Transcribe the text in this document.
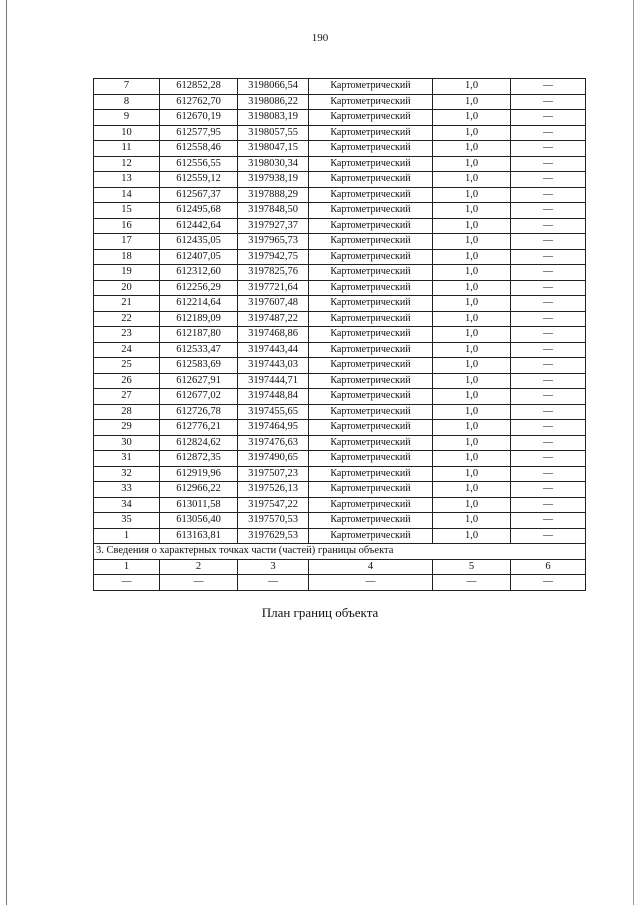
190
7	612852,28	3198066,54	Картометрический	1,0	—
8	612762,70	3198086,22	Картометрический	1,0	—
9	612670,19	3198083,19	Картометрический	1,0	—
10	612577,95	3198057,55	Картометрический	1,0	—
11	612558,46	3198047,15	Картометрический	1,0	—
12	612556,55	3198030,34	Картометрический	1,0	—
13	612559,12	3197938,19	Картометрический	1,0	—
14	612567,37	3197888,29	Картометрический	1,0	—
15	612495,68	3197848,50	Картометрический	1,0	—
16	612442,64	3197927,37	Картометрический	1,0	—
17	612435,05	3197965,73	Картометрический	1,0	—
18	612407,05	3197942,75	Картометрический	1,0	—
19	612312,60	3197825,76	Картометрический	1,0	—
20	612256,29	3197721,64	Картометрический	1,0	—
21	612214,64	3197607,48	Картометрический	1,0	—
22	612189,09	3197487,22	Картометрический	1,0	—
23	612187,80	3197468,86	Картометрический	1,0	—
24	612533,47	3197443,44	Картометрический	1,0	—
25	612583,69	3197443,03	Картометрический	1,0	—
26	612627,91	3197444,71	Картометрический	1,0	—
27	612677,02	3197448,84	Картометрический	1,0	—
28	612726,78	3197455,65	Картометрический	1,0	—
29	612776,21	3197464,95	Картометрический	1,0	—
30	612824,62	3197476,63	Картометрический	1,0	—
31	612872,35	3197490,65	Картометрический	1,0	—
32	612919,96	3197507,23	Картометрический	1,0	—
33	612966,22	3197526,13	Картометрический	1,0	—
34	613011,58	3197547,22	Картометрический	1,0	—
35	613056,40	3197570,53	Картометрический	1,0	—
1	613163,81	3197629,53	Картометрический	1,0	—
3. Сведения о характерных точках части (частей) границы объекта					
1	2	3	4	5	6
—	—	—	—	—	—
План границ объекта
